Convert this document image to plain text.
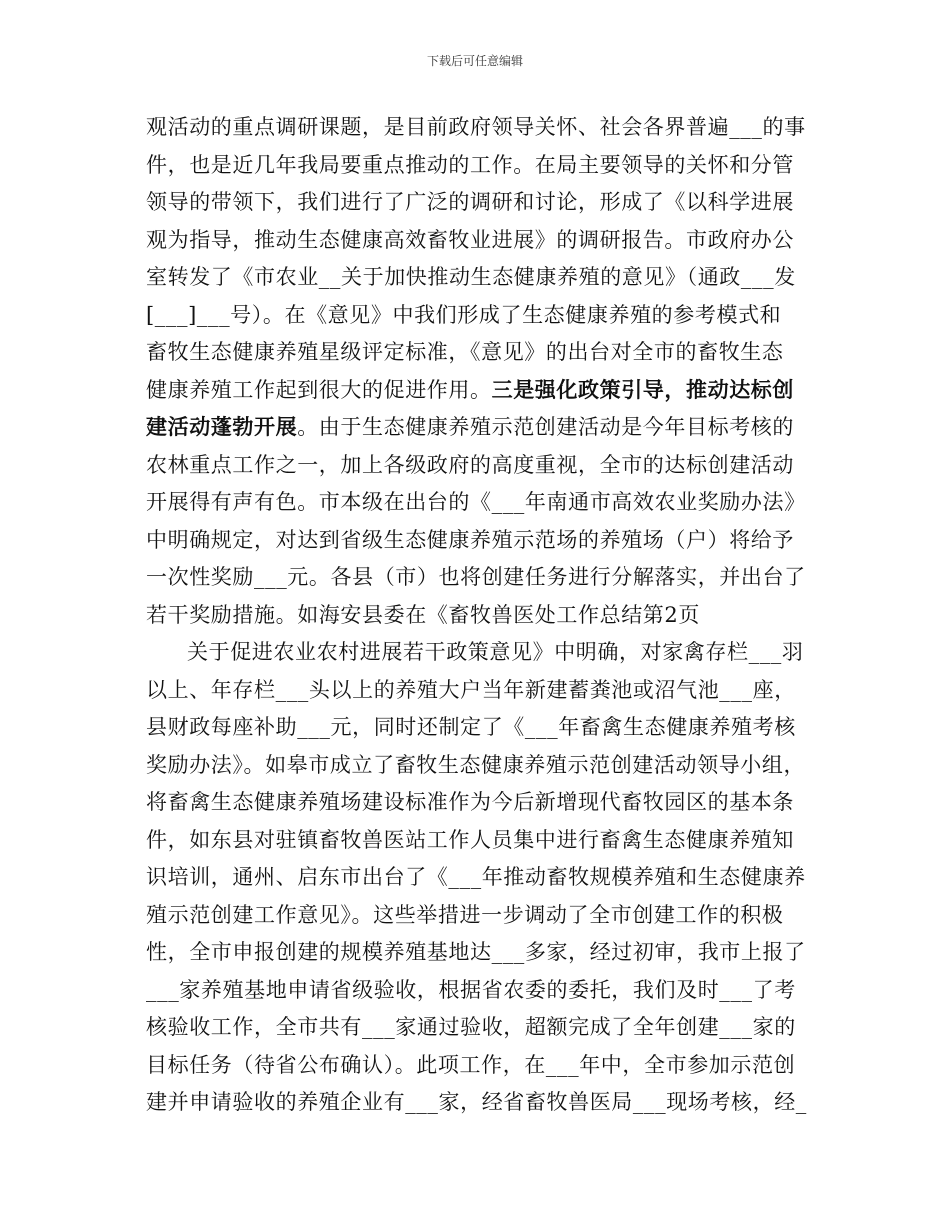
下载后可任意编辑
观活动的重点调研课题，是目前政府领导关怀、社会各界普遍___的事
件，也是近几年我局要重点推动的工作。在局主要领导的关怀和分管
领导的带领下，我们进行了广泛的调研和讨论，形成了《以科学进展
观为指导，推动生态健康高效畜牧业进展》的调研报告。市政府办公
室转发了《市农业__关于加快推动生态健康养殖的意见》（通政___发
[___]___号）。在《意见》中我们形成了生态健康养殖的参考模式和
畜牧生态健康养殖星级评定标准，《意见》的出台对全市的畜牧生态
健康养殖工作起到很大的促进作用。三是强化政策引导，推动达标创
建活动蓬勃开展。由于生态健康养殖示范创建活动是今年目标考核的
农林重点工作之一，加上各级政府的高度重视，全市的达标创建活动
开展得有声有色。市本级在出台的《___年南通市高效农业奖励办法》
中明确规定，对达到省级生态健康养殖示范场的养殖场（户）将给予
一次性奖励___元。各县（市）也将创建任务进行分解落实，并出台了
若干奖励措施。如海安县委在《畜牧兽医处工作总结第2页
关于促进农业农村进展若干政策意见》中明确，对家禽存栏___羽
以上、年存栏___头以上的养殖大户当年新建蓄粪池或沼气池___座，
县财政每座补助___元，同时还制定了《___年畜禽生态健康养殖考核
奖励办法》。如皋市成立了畜牧生态健康养殖示范创建活动领导小组，
将畜禽生态健康养殖场建设标准作为今后新增现代畜牧园区的基本条
件，如东县对驻镇畜牧兽医站工作人员集中进行畜禽生态健康养殖知
识培训，通州、启东市出台了《___年推动畜牧规模养殖和生态健康养
殖示范创建工作意见》。这些举措进一步调动了全市创建工作的积极
性，全市申报创建的规模养殖基地达___多家，经过初审，我市上报了
___家养殖基地申请省级验收，根据省农委的委托，我们及时___了考
核验收工作，全市共有___家通过验收，超额完成了全年创建___家的
目标任务（待省公布确认）。此项工作，在___年中，全市参加示范创
建并申请验收的养殖企业有___家，经省畜牧兽医局___现场考核，经_
